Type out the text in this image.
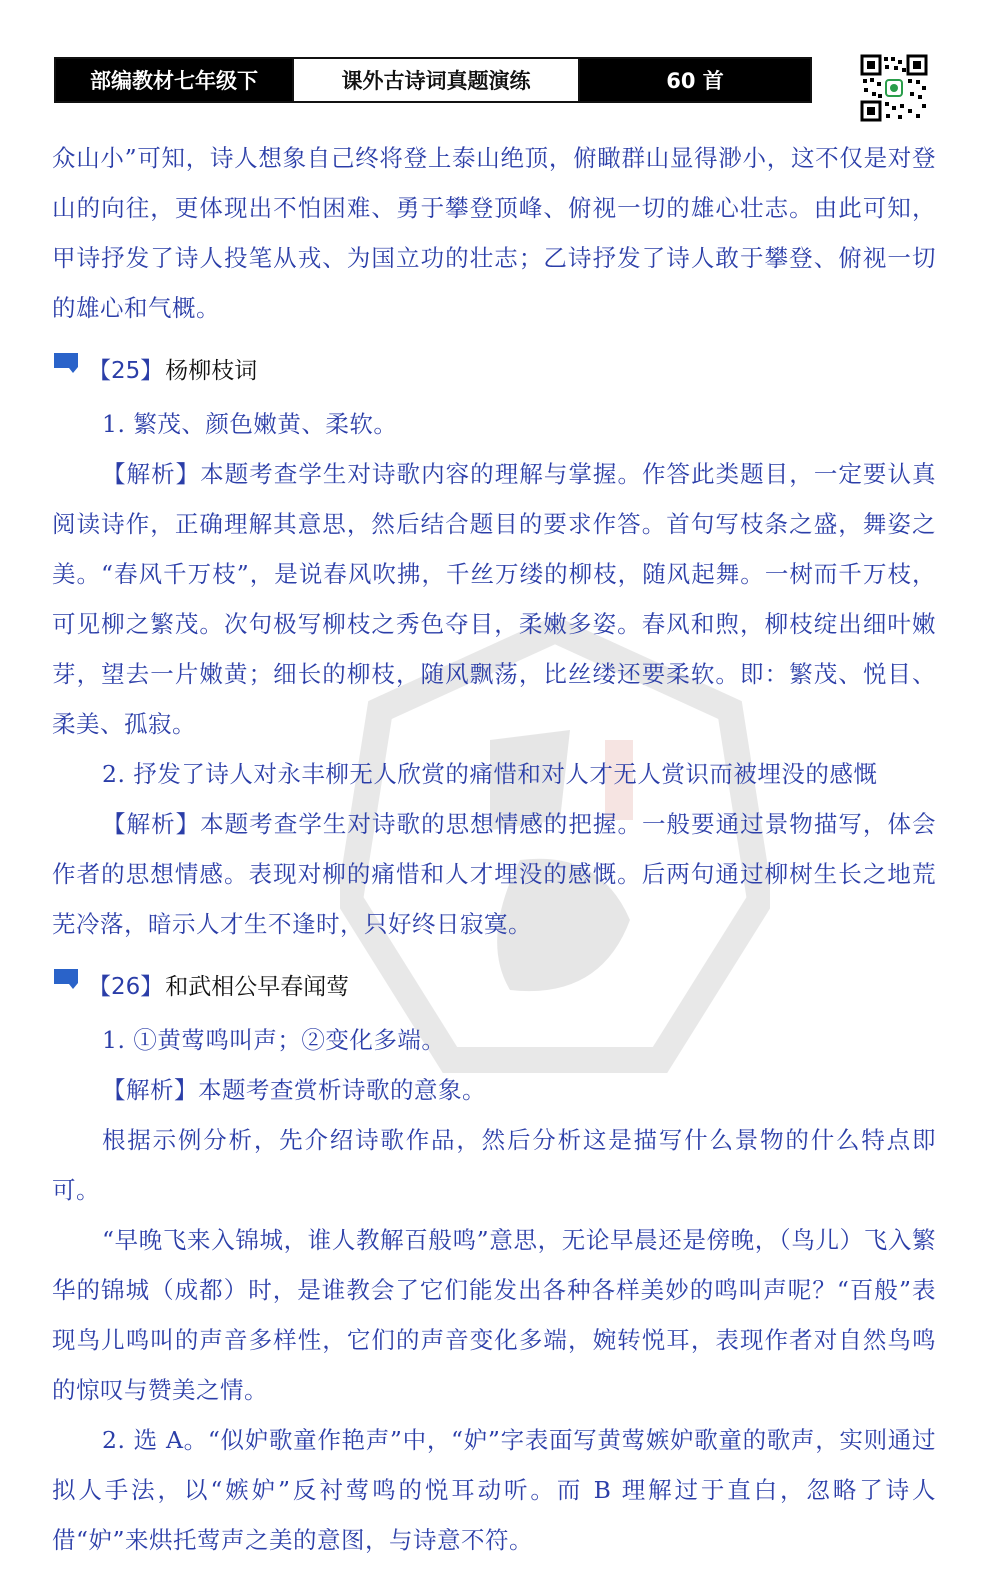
部编教材七年级下	课外古诗词真题演练	60 首

众山小”可知，诗人想象自己终将登上泰山绝顶，俯瞰群山显得渺小，这不仅是对登山的向往，更体现出不怕困难、勇于攀登顶峰、俯视一切的雄心壮志。由此可知，甲诗抒发了诗人投笔从戎、为国立功的壮志；乙诗抒发了诗人敢于攀登、俯视一切的雄心和气概。

【25】 杨柳枝词

1. 繁茂、颜色嫩黄、柔软。

【解析】本题考查学生对诗歌内容的理解与掌握。作答此类题目，一定要认真阅读诗作，正确理解其意思，然后结合题目的要求作答。首句写枝条之盛，舞姿之美。“春风千万枝”，是说春风吹拂，千丝万缕的柳枝，随风起舞。一树而千万枝，可见柳之繁茂。次句极写柳枝之秀色夺目，柔嫩多姿。春风和煦，柳枝绽出细叶嫩芽，望去一片嫩黄；细长的柳枝，随风飘荡，比丝缕还要柔软。即：繁茂、悦目、柔美、孤寂。

2. 抒发了诗人对永丰柳无人欣赏的痛惜和对人才无人赏识而被埋没的感慨

【解析】本题考查学生对诗歌的思想情感的把握。一般要通过景物描写，体会作者的思想情感。表现对柳的痛惜和人才埋没的感慨。后两句通过柳树生长之地荒芜冷落，暗示人才生不逢时，只好终日寂寞。

【26】 和武相公早春闻莺

1. ①黄莺鸣叫声；②变化多端。

【解析】本题考查赏析诗歌的意象。

根据示例分析，先介绍诗歌作品，然后分析这是描写什么景物的什么特点即可。

“早晚飞来入锦城，谁人教解百般鸣”意思，无论早晨还是傍晚，（鸟儿）飞入繁华的锦城（成都）时，是谁教会了它们能发出各种各样美妙的鸣叫声呢？“百般”表现鸟儿鸣叫的声音多样性，它们的声音变化多端，婉转悦耳，表现作者对自然鸟鸣的惊叹与赞美之情。

2. 选 A。“似妒歌童作艳声”中，“妒”字表面写黄莺嫉妒歌童的歌声，实则通过拟人手法，以“嫉妒”反衬莺鸣的悦耳动听。而 B 理解过于直白，忽略了诗人借“妒”来烘托莺声之美的意图，与诗意不符。
